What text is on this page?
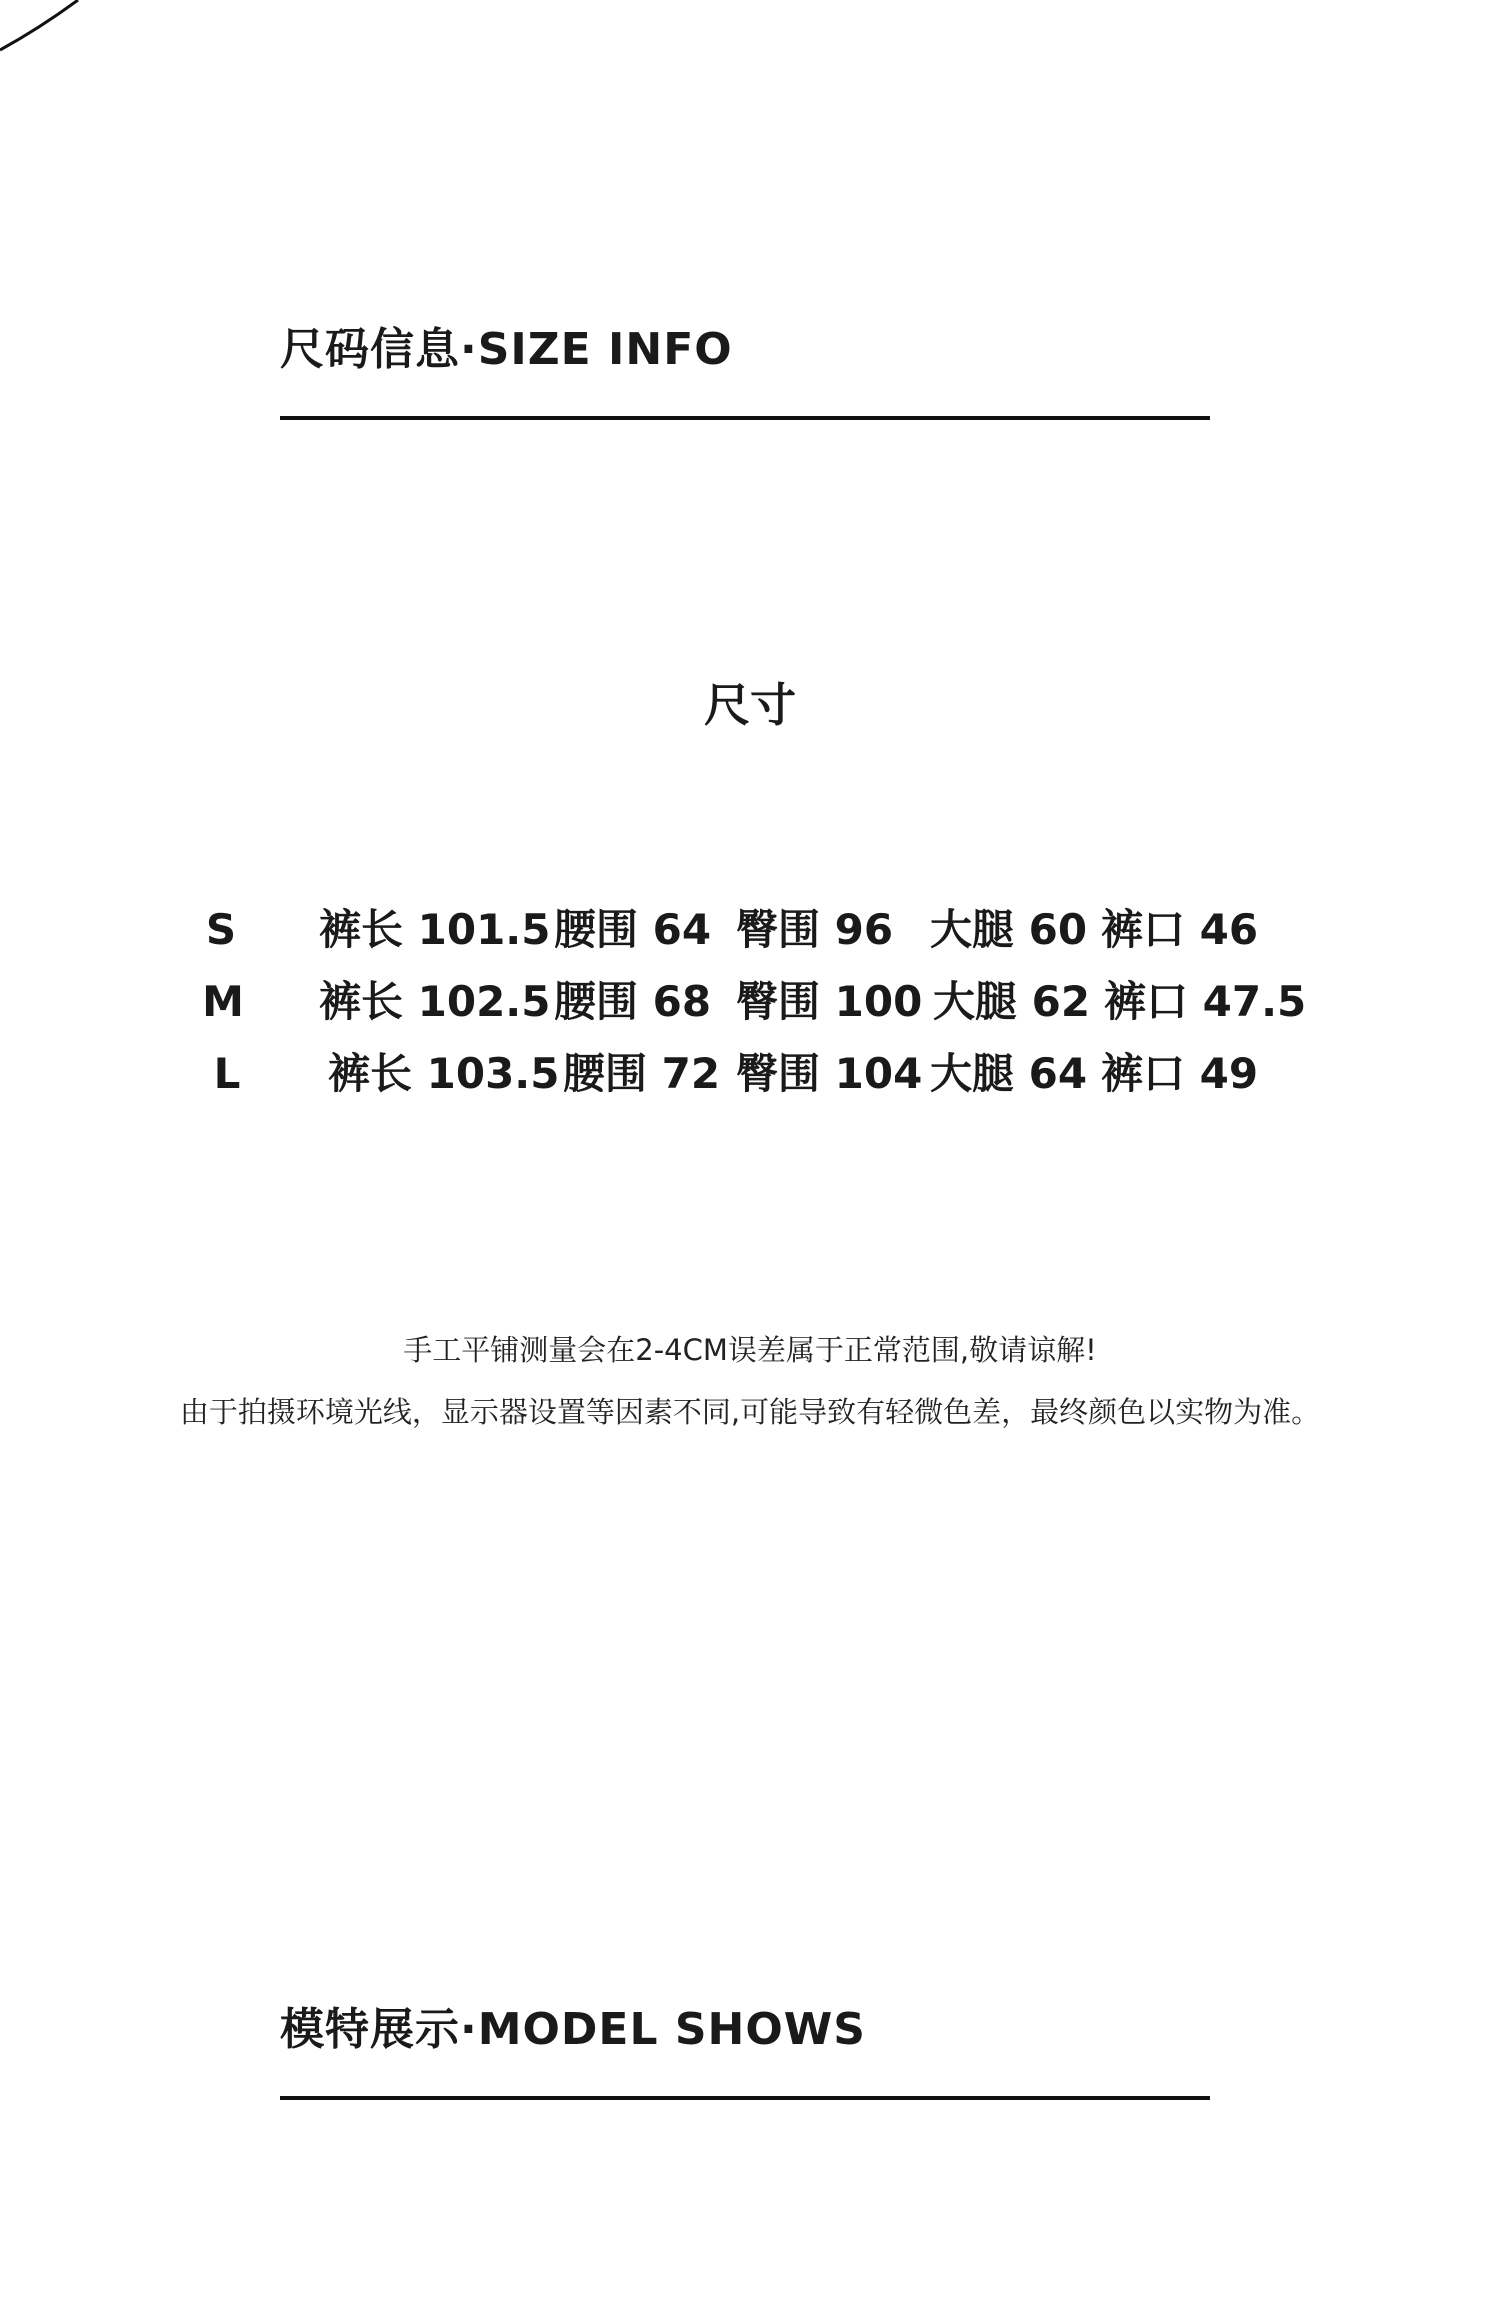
尺码信息·SIZE INFO
尺寸
S	裤长 101.5 腰围 64 臀围 96 大腿 60 裤口 46
M 裤长 102.5 腰围 68 臀围 100 大腿 62 裤口 47.5
L	裤长 103.5 腰围 72 臀围 104 大腿 64 裤口 49
手工平铺测量会在2-4CM误差属于正常范围,敬请谅解!
由于拍摄环境光线，显示器设置等因素不同,可能导致有轻微色差，最终颜色以实物为准。
模特展示·MODEL SHOWS
